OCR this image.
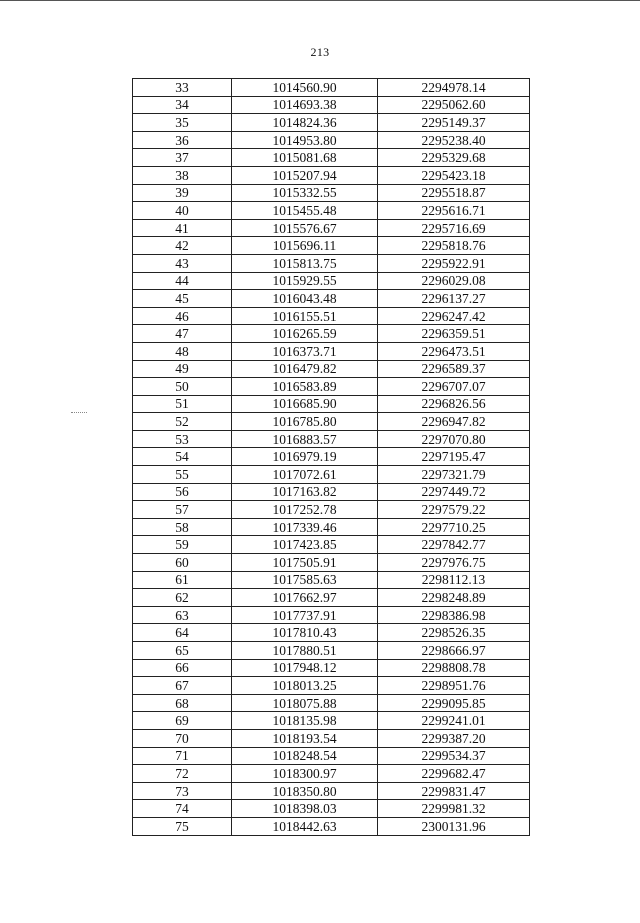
213
33	1014560.90	2294978.14
34	1014693.38	2295062.60
35	1014824.36	2295149.37
36	1014953.80	2295238.40
37	1015081.68	2295329.68
38	1015207.94	2295423.18
39	1015332.55	2295518.87
40	1015455.48	2295616.71
41	1015576.67	2295716.69
42	1015696.11	2295818.76
43	1015813.75	2295922.91
44	1015929.55	2296029.08
45	1016043.48	2296137.27
46	1016155.51	2296247.42
47	1016265.59	2296359.51
48	1016373.71	2296473.51
49	1016479.82	2296589.37
50	1016583.89	2296707.07
51	1016685.90	2296826.56
52	1016785.80	2296947.82
53	1016883.57	2297070.80
54	1016979.19	2297195.47
55	1017072.61	2297321.79
56	1017163.82	2297449.72
57	1017252.78	2297579.22
58	1017339.46	2297710.25
59	1017423.85	2297842.77
60	1017505.91	2297976.75
61	1017585.63	2298112.13
62	1017662.97	2298248.89
63	1017737.91	2298386.98
64	1017810.43	2298526.35
65	1017880.51	2298666.97
66	1017948.12	2298808.78
67	1018013.25	2298951.76
68	1018075.88	2299095.85
69	1018135.98	2299241.01
70	1018193.54	2299387.20
71	1018248.54	2299534.37
72	1018300.97	2299682.47
73	1018350.80	2299831.47
74	1018398.03	2299981.32
75	1018442.63	2300131.96
